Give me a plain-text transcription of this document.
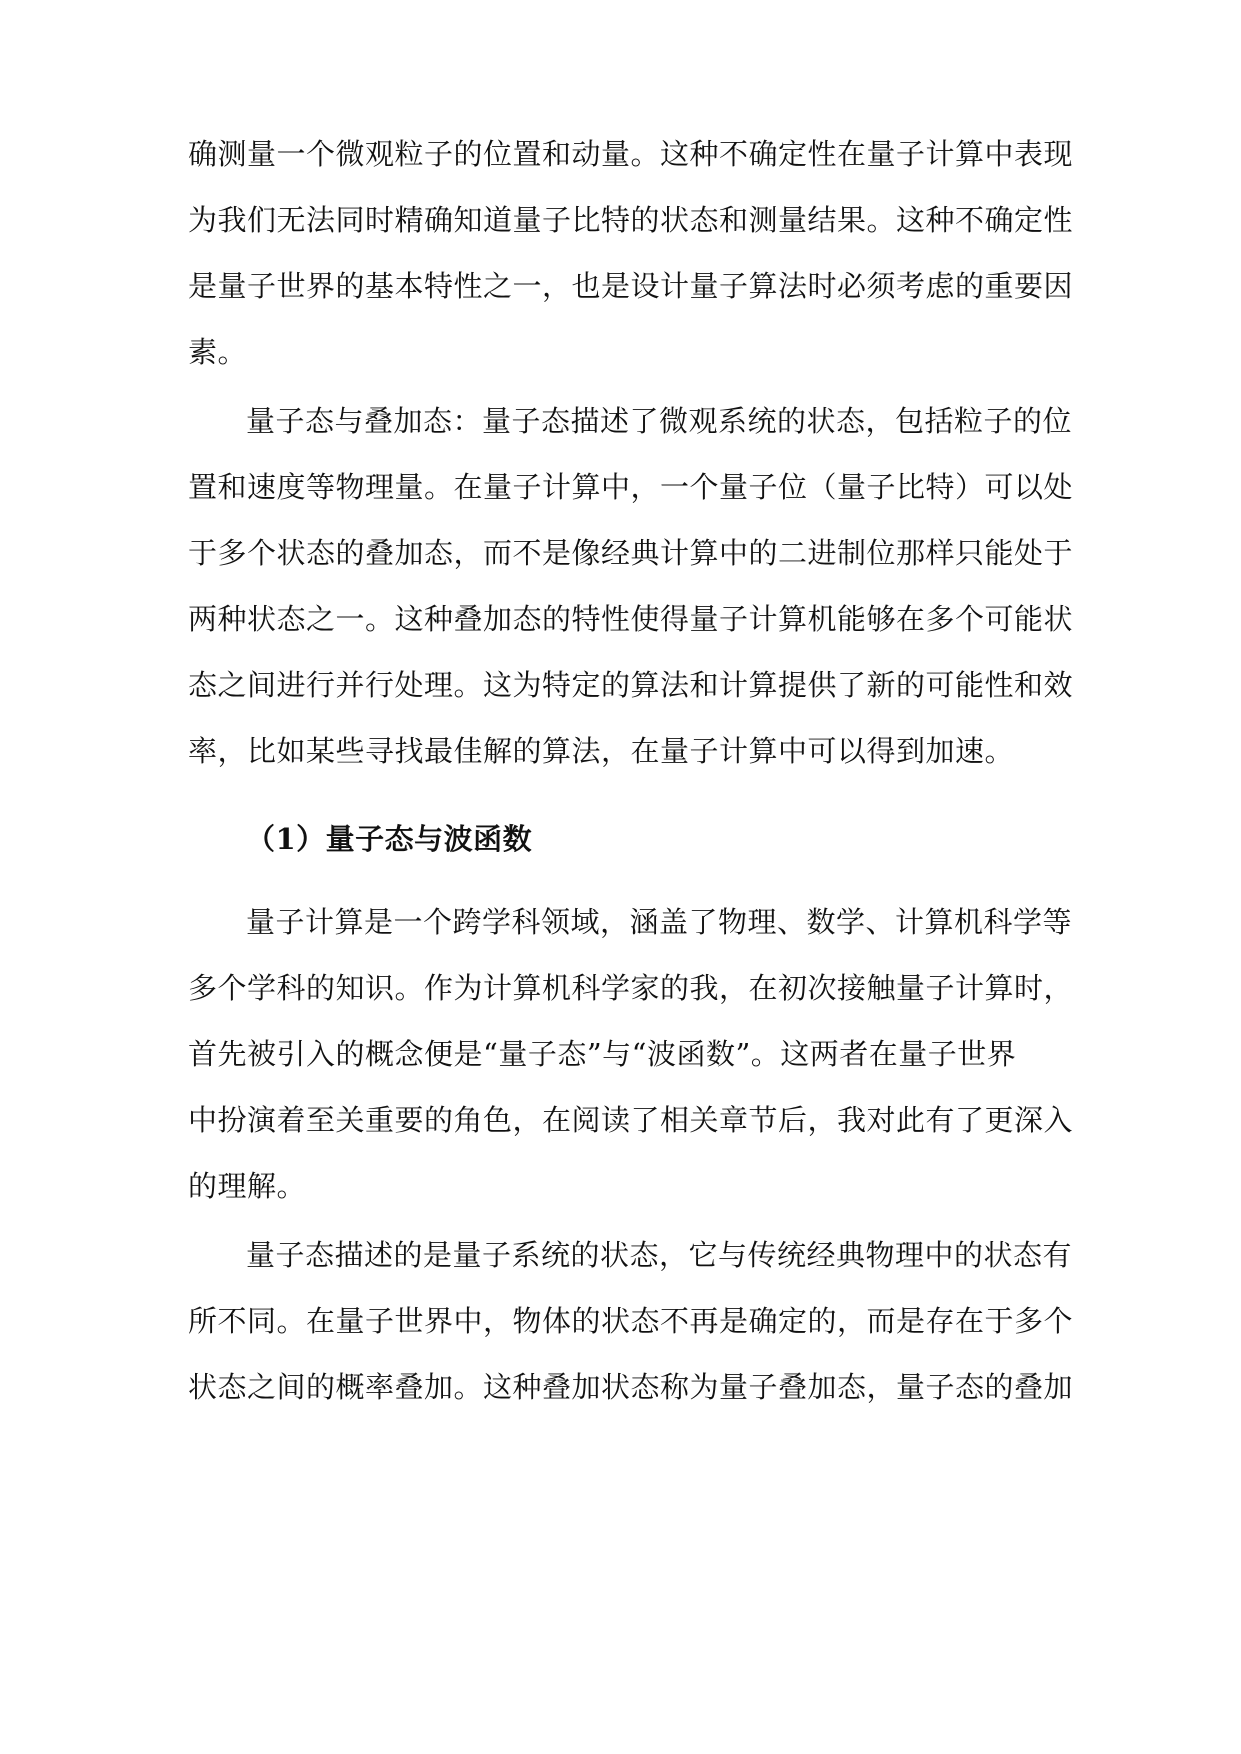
确测量一个微观粒子的位置和动量。这种不确定性在量子计算中表现
为我们无法同时精确知道量子比特的状态和测量结果。这种不确定性
是量子世界的基本特性之一，也是设计量子算法时必须考虑的重要因
素。
量子态与叠加态：量子态描述了微观系统的状态，包括粒子的位
置和速度等物理量。在量子计算中，一个量子位（量子比特）可以处
于多个状态的叠加态，而不是像经典计算中的二进制位那样只能处于
两种状态之一。这种叠加态的特性使得量子计算机能够在多个可能状
态之间进行并行处理。这为特定的算法和计算提供了新的可能性和效
率，比如某些寻找最佳解的算法，在量子计算中可以得到加速。
（1）量子态与波函数
量子计算是一个跨学科领域，涵盖了物理、数学、计算机科学等
多个学科的知识。作为计算机科学家的我，在初次接触量子计算时，
首先被引入的概念便是“量子态”与“波函数”。这两者在量子世界
中扮演着至关重要的角色，在阅读了相关章节后，我对此有了更深入
的理解。
量子态描述的是量子系统的状态，它与传统经典物理中的状态有
所不同。在量子世界中，物体的状态不再是确定的，而是存在于多个
状态之间的概率叠加。这种叠加状态称为量子叠加态，量子态的叠加
